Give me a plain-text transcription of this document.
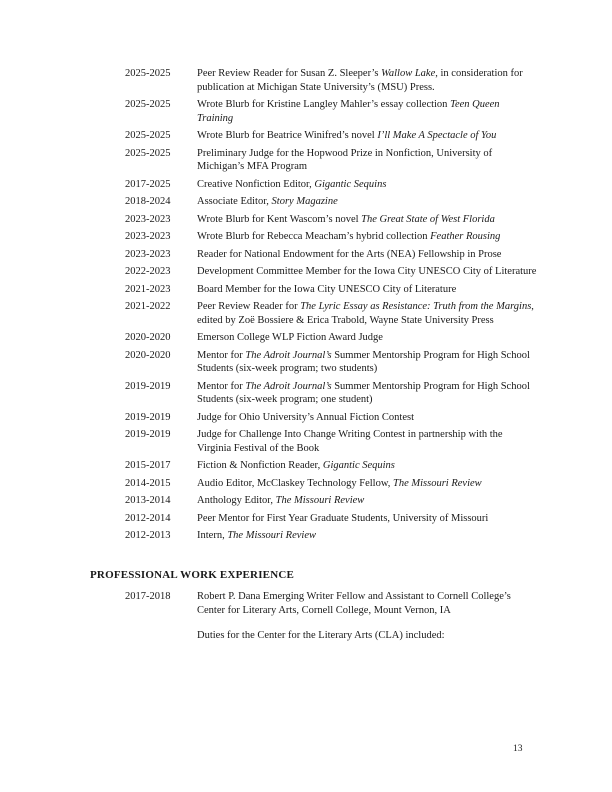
2025-2025	Peer Review Reader for Susan Z. Sleeper’s Wallow Lake, in consideration for publication at Michigan State University’s (MSU) Press.
2025-2025	Wrote Blurb for Kristine Langley Mahler’s essay collection Teen Queen Training
2025-2025	Wrote Blurb for Beatrice Winifred’s novel I’ll Make A Spectacle of You
2025-2025	Preliminary Judge for the Hopwood Prize in Nonfiction, University of Michigan’s MFA Program
2017-2025	Creative Nonfiction Editor, Gigantic Sequins
2018-2024	Associate Editor, Story Magazine
2023-2023	Wrote Blurb for Kent Wascom’s novel The Great State of West Florida
2023-2023	Wrote Blurb for Rebecca Meacham’s hybrid collection Feather Rousing
2023-2023	Reader for National Endowment for the Arts (NEA) Fellowship in Prose
2022-2023	Development Committee Member for the Iowa City UNESCO City of Literature
2021-2023	Board Member for the Iowa City UNESCO City of Literature
2021-2022	Peer Review Reader for The Lyric Essay as Resistance: Truth from the Margins, edited by Zoë Bossiere & Erica Trabold, Wayne State University Press
2020-2020	Emerson College WLP Fiction Award Judge
2020-2020	Mentor for The Adroit Journal’s Summer Mentorship Program for High School Students (six-week program; two students)
2019-2019	Mentor for The Adroit Journal’s Summer Mentorship Program for High School Students (six-week program; one student)
2019-2019	Judge for Ohio University’s Annual Fiction Contest
2019-2019	Judge for Challenge Into Change Writing Contest in partnership with the Virginia Festival of the Book
2015-2017	Fiction & Nonfiction Reader, Gigantic Sequins
2014-2015	Audio Editor, McClaskey Technology Fellow, The Missouri Review
2013-2014	Anthology Editor, The Missouri Review
2012-2014	Peer Mentor for First Year Graduate Students, University of Missouri
2012-2013	Intern, The Missouri Review
PROFESSIONAL WORK EXPERIENCE
2017-2018	Robert P. Dana Emerging Writer Fellow and Assistant to Cornell College’s Center for Literary Arts, Cornell College, Mount Vernon, IA
Duties for the Center for the Literary Arts (CLA) included:
13
